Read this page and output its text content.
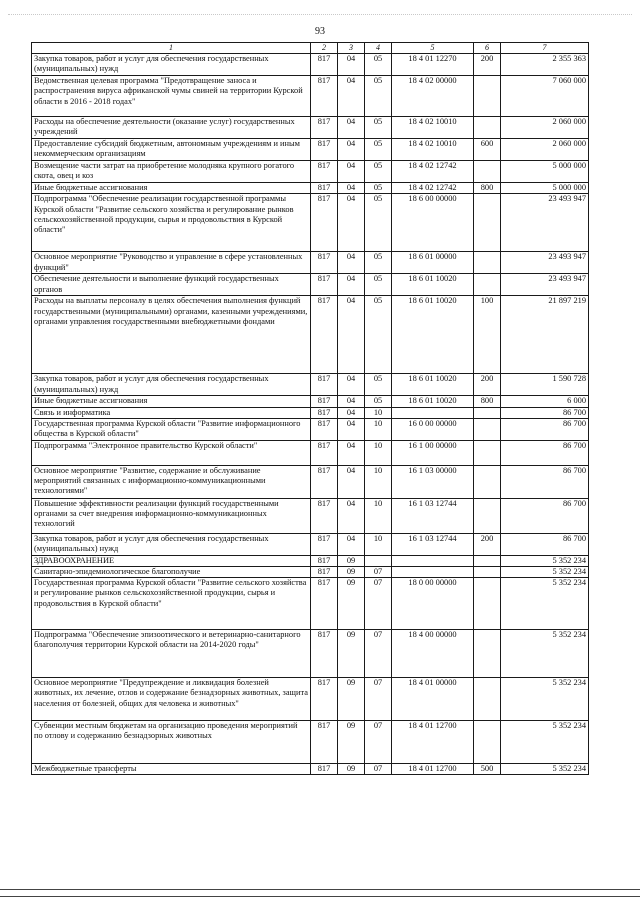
93
1	2	3	4	5	6	7
Закупка товаров, работ и услуг для обеспечения государственных (муниципальных) нужд	817	04	05	18 4 01 12270	200	2 355 363
Ведомственная целевая программа "Предотвращение заноса и распространения вируса африканской чумы свиней на территории Курской области в 2016 - 2018 годах"	817	04	05	18 4 02 00000		7 060 000
Расходы на обеспечение деятельности (оказание услуг) государственных учреждений	817	04	05	18 4 02 10010		2 060 000
Предоставление субсидий бюджетным, автономным учреждениям и иным некоммерческим организациям	817	04	05	18 4 02 10010	600	2 060 000
Возмещение части затрат на приобретение молодняка крупного рогатого скота, овец и коз	817	04	05	18 4 02 12742		5 000 000
Иные бюджетные ассигнования	817	04	05	18 4 02 12742	800	5 000 000
Подпрограмма "Обеспечение реализации государственной программы Курской области "Развитие сельского хозяйства и регулирование рынков сельскохозяйственной продукции, сырья и продовольствия в Курской области"	817	04	05	18 6 00 00000		23 493 947
Основное мероприятие "Руководство и управление в сфере установленных функций"	817	04	05	18 6 01 00000		23 493 947
Обеспечение деятельности и выполнение функций государственных органов	817	04	05	18 6 01 10020		23 493 947
Расходы на выплаты персоналу в целях обеспечения выполнения функций государственными (муниципальными) органами, казенными учреждениями, органами управления государственными внебюджетными фондами	817	04	05	18 6 01 10020	100	21 897 219
Закупка товаров, работ и услуг для обеспечения государственных (муниципальных) нужд	817	04	05	18 6 01 10020	200	1 590 728
Иные бюджетные ассигнования	817	04	05	18 6 01 10020	800	6 000
Связь и информатика	817	04	10			86 700
Государственная программа Курской области "Развитие информационного общества в Курской области"	817	04	10	16 0 00 00000		86 700
Подпрограмма "Электронное правительство Курской области"	817	04	10	16 1 00 00000		86 700
Основное мероприятие "Развитие, содержание и обслуживание мероприятий связанных с информационно-коммуникационными технологиями"	817	04	10	16 1 03 00000		86 700
Повышение эффективности реализации функций государственными органами за счет внедрения информационно-коммуникационных технологий	817	04	10	16 1 03 12744		86 700
Закупка товаров, работ и услуг для обеспечения государственных (муниципальных) нужд	817	04	10	16 1 03 12744	200	86 700
ЗДРАВООХРАНЕНИЕ	817	09				5 352 234
Санитарно-эпидемиологическое благополучие	817	09	07			5 352 234
Государственная программа Курской области "Развитие сельского хозяйства и регулирование рынков сельскохозяйственной продукции, сырья и продовольствия в Курской области"	817	09	07	18 0 00 00000		5 352 234
Подпрограмма "Обеспечение эпизоотического и ветеринарно-санитарного благополучия территории Курской области на 2014-2020 годы"	817	09	07	18 4 00 00000		5 352 234
Основное мероприятие "Предупреждение и ликвидация болезней животных, их лечение, отлов и содержание безнадзорных животных, защита населения от болезней, общих для человека и животных"	817	09	07	18 4 01 00000		5 352 234
Субвенции местным бюджетам на организацию проведения мероприятий по отлову и содержанию безнадзорных животных	817	09	07	18 4 01 12700		5 352 234
Межбюджетные трансферты	817	09	07	18 4 01 12700	500	5 352 234
